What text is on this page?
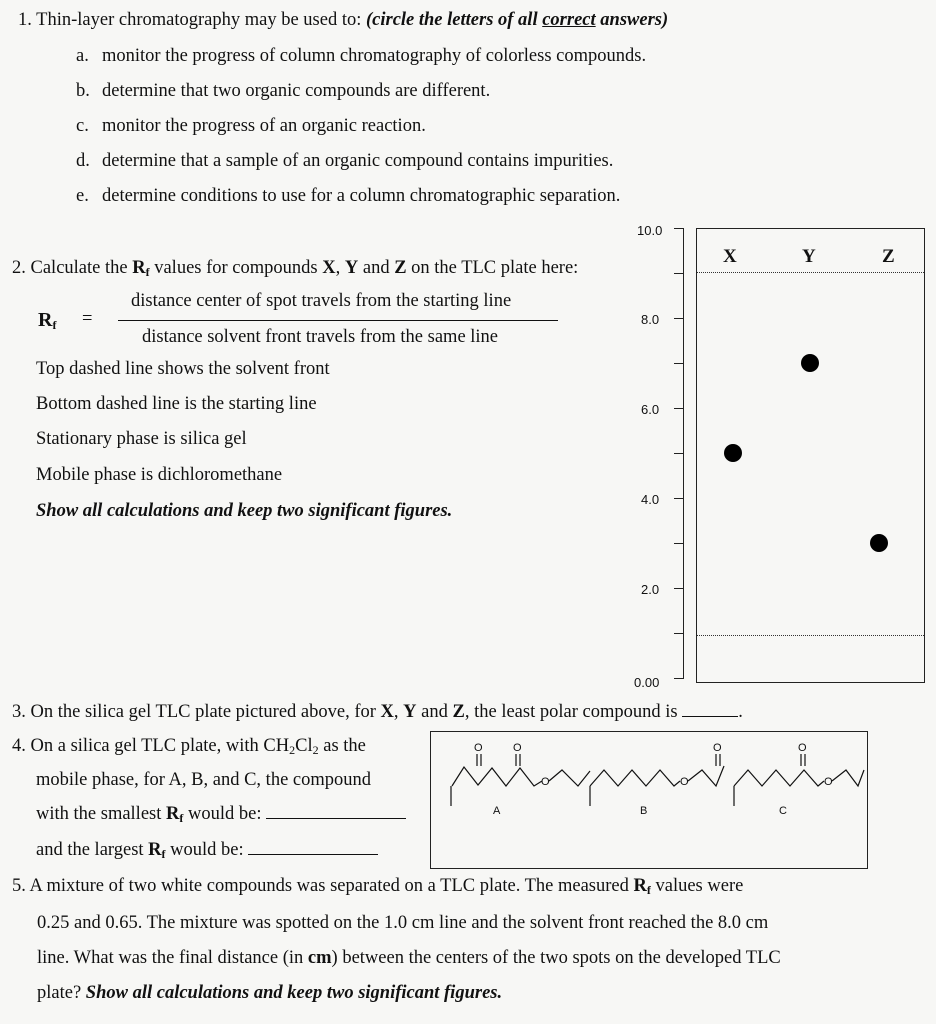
1. Thin-layer chromatography may be used to: (circle the letters of all correct answers)
a. monitor the progress of column chromatography of colorless compounds.
b. determine that two organic compounds are different.
c. monitor the progress of an organic reaction.
d. determine that a sample of an organic compound contains impurities.
e. determine conditions to use for a column chromatographic separation.
2. Calculate the $R_f$ values for compounds X, Y and Z on the TLC plate here:
$R_f$ =
distance center of spot travels from the starting line
distance solvent front travels from the same line
Top dashed line shows the solvent front
Bottom dashed line is the starting line
Stationary phase is silica gel
Mobile phase is dichloromethane
Show all calculations and keep two significant figures.
10.0
8.0
6.0
4.0
2.0
0.00
X	Y	Z
3. On the silica gel TLC plate pictured above, for X, Y and Z, the least polar compound is	.
4. On a silica gel TLC plate, with $CH_2Cl_2$ as the
mobile phase, for A, B, and C, the compound
with the smallest $R_f$ would be:
and the largest $R_f$ would be:
O	O
O
A
O
O
B
O
O
C
5. A mixture of two white compounds was separated on a TLC plate. The measured $R_f$ values were
0.25 and 0.65. The mixture was spotted on the 1.0 cm line and the solvent front reached the 8.0 cm
line. What was the final distance (in cm) between the centers of the two spots on the developed TLC
plate? Show all calculations and keep two significant figures.
